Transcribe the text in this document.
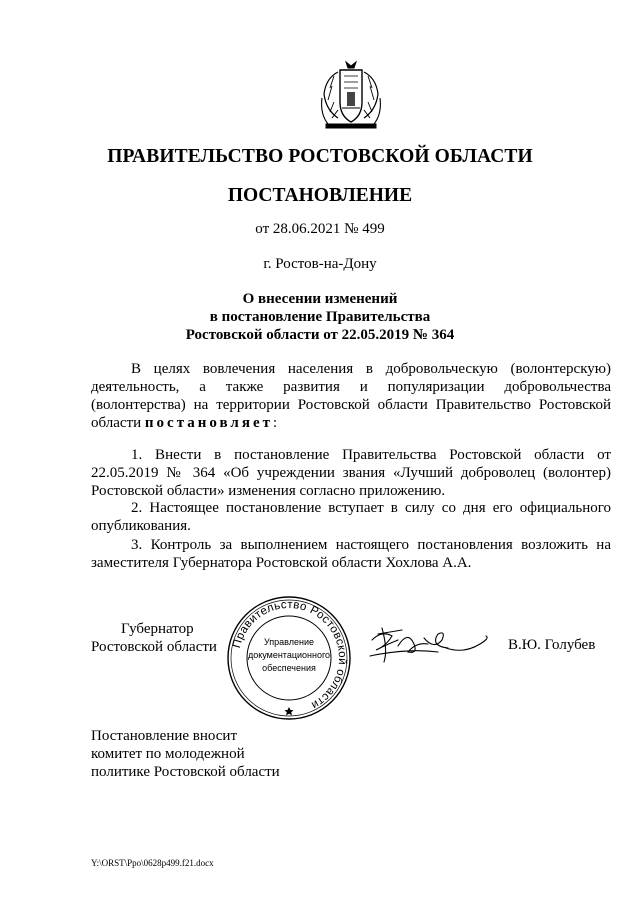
ПРАВИТЕЛЬСТВО РОСТОВСКОЙ ОБЛАСТИ
ПОСТАНОВЛЕНИЕ
от 28.06.2021 № 499
г. Ростов-на-Дону
О внесении изменений
в постановление Правительства
Ростовской области от 22.05.2019 № 364
В целях вовлечения населения в добровольческую (волонтерскую) деятельность, а также развития и популяризации добровольчества (волонтерства) на территории Ростовской области Правительство Ростовской области постановляет:
1. Внести в постановление Правительства Ростовской области от 22.05.2019 № 364 «Об учреждении звания «Лучший доброволец (волонтер) Ростовской области» изменения согласно приложению.
2. Настоящее постановление вступает в силу со дня его официального опубликования.
3. Контроль за выполнением настоящего постановления возложить на заместителя Губернатора Ростовской области Хохлова А.А.
Губернатор
Ростовской области Правительство Ростовской области
Управление
документационного
обеспечения
В.Ю. Голубев
Постановление вносит
комитет по молодежной
политике Ростовской области
Y:\ORST\Ppo\0628p499.f21.docx
